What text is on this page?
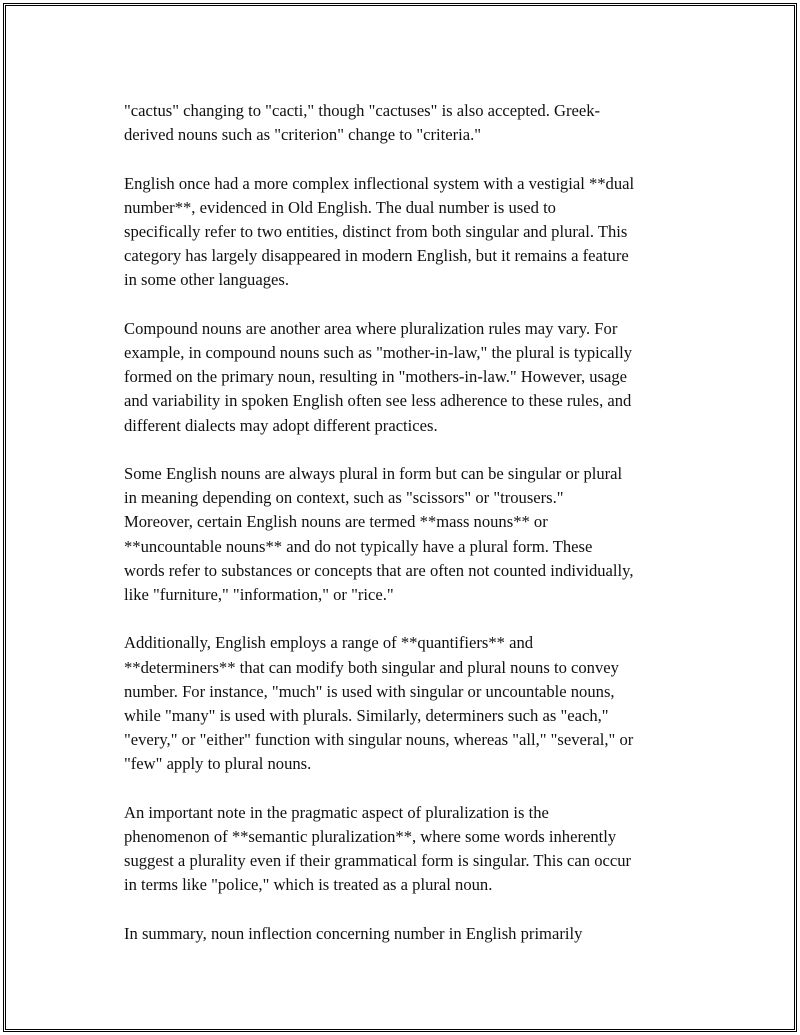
"cactus" changing to "cacti," though "cactuses" is also accepted. Greek-
derived nouns such as "criterion" change to "criteria."
English once had a more complex inflectional system with a vestigial **dual
number**, evidenced in Old English. The dual number is used to
specifically refer to two entities, distinct from both singular and plural. This
category has largely disappeared in modern English, but it remains a feature
in some other languages.
Compound nouns are another area where pluralization rules may vary. For
example, in compound nouns such as "mother-in-law," the plural is typically
formed on the primary noun, resulting in "mothers-in-law." However, usage
and variability in spoken English often see less adherence to these rules, and
different dialects may adopt different practices.
Some English nouns are always plural in form but can be singular or plural
in meaning depending on context, such as "scissors" or "trousers."
Moreover, certain English nouns are termed **mass nouns** or
**uncountable nouns** and do not typically have a plural form. These
words refer to substances or concepts that are often not counted individually,
like "furniture," "information," or "rice."
Additionally, English employs a range of **quantifiers** and
**determiners** that can modify both singular and plural nouns to convey
number. For instance, "much" is used with singular or uncountable nouns,
while "many" is used with plurals. Similarly, determiners such as "each,"
"every," or "either" function with singular nouns, whereas "all," "several," or
"few" apply to plural nouns.
An important note in the pragmatic aspect of pluralization is the
phenomenon of **semantic pluralization**, where some words inherently
suggest a plurality even if their grammatical form is singular. This can occur
in terms like "police," which is treated as a plural noun.
In summary, noun inflection concerning number in English primarily
